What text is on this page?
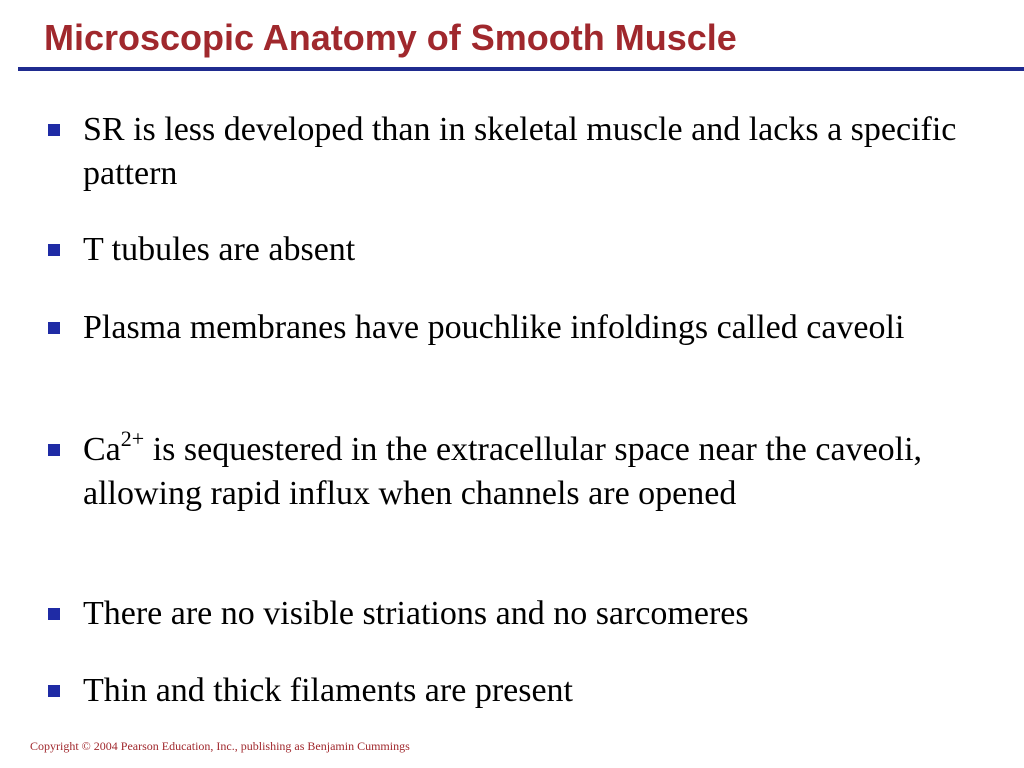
Microscopic Anatomy of Smooth Muscle
SR is less developed than in skeletal muscle and lacks a specific pattern
T tubules are absent
Plasma membranes have pouchlike infoldings called caveoli
$Ca^{2+}$ is sequestered in the extracellular space near the caveoli, allowing rapid influx when channels are opened
There are no visible striations and no sarcomeres
Thin and thick filaments are present

Copyright © 2004 Pearson Education, Inc., publishing as Benjamin Cummings
